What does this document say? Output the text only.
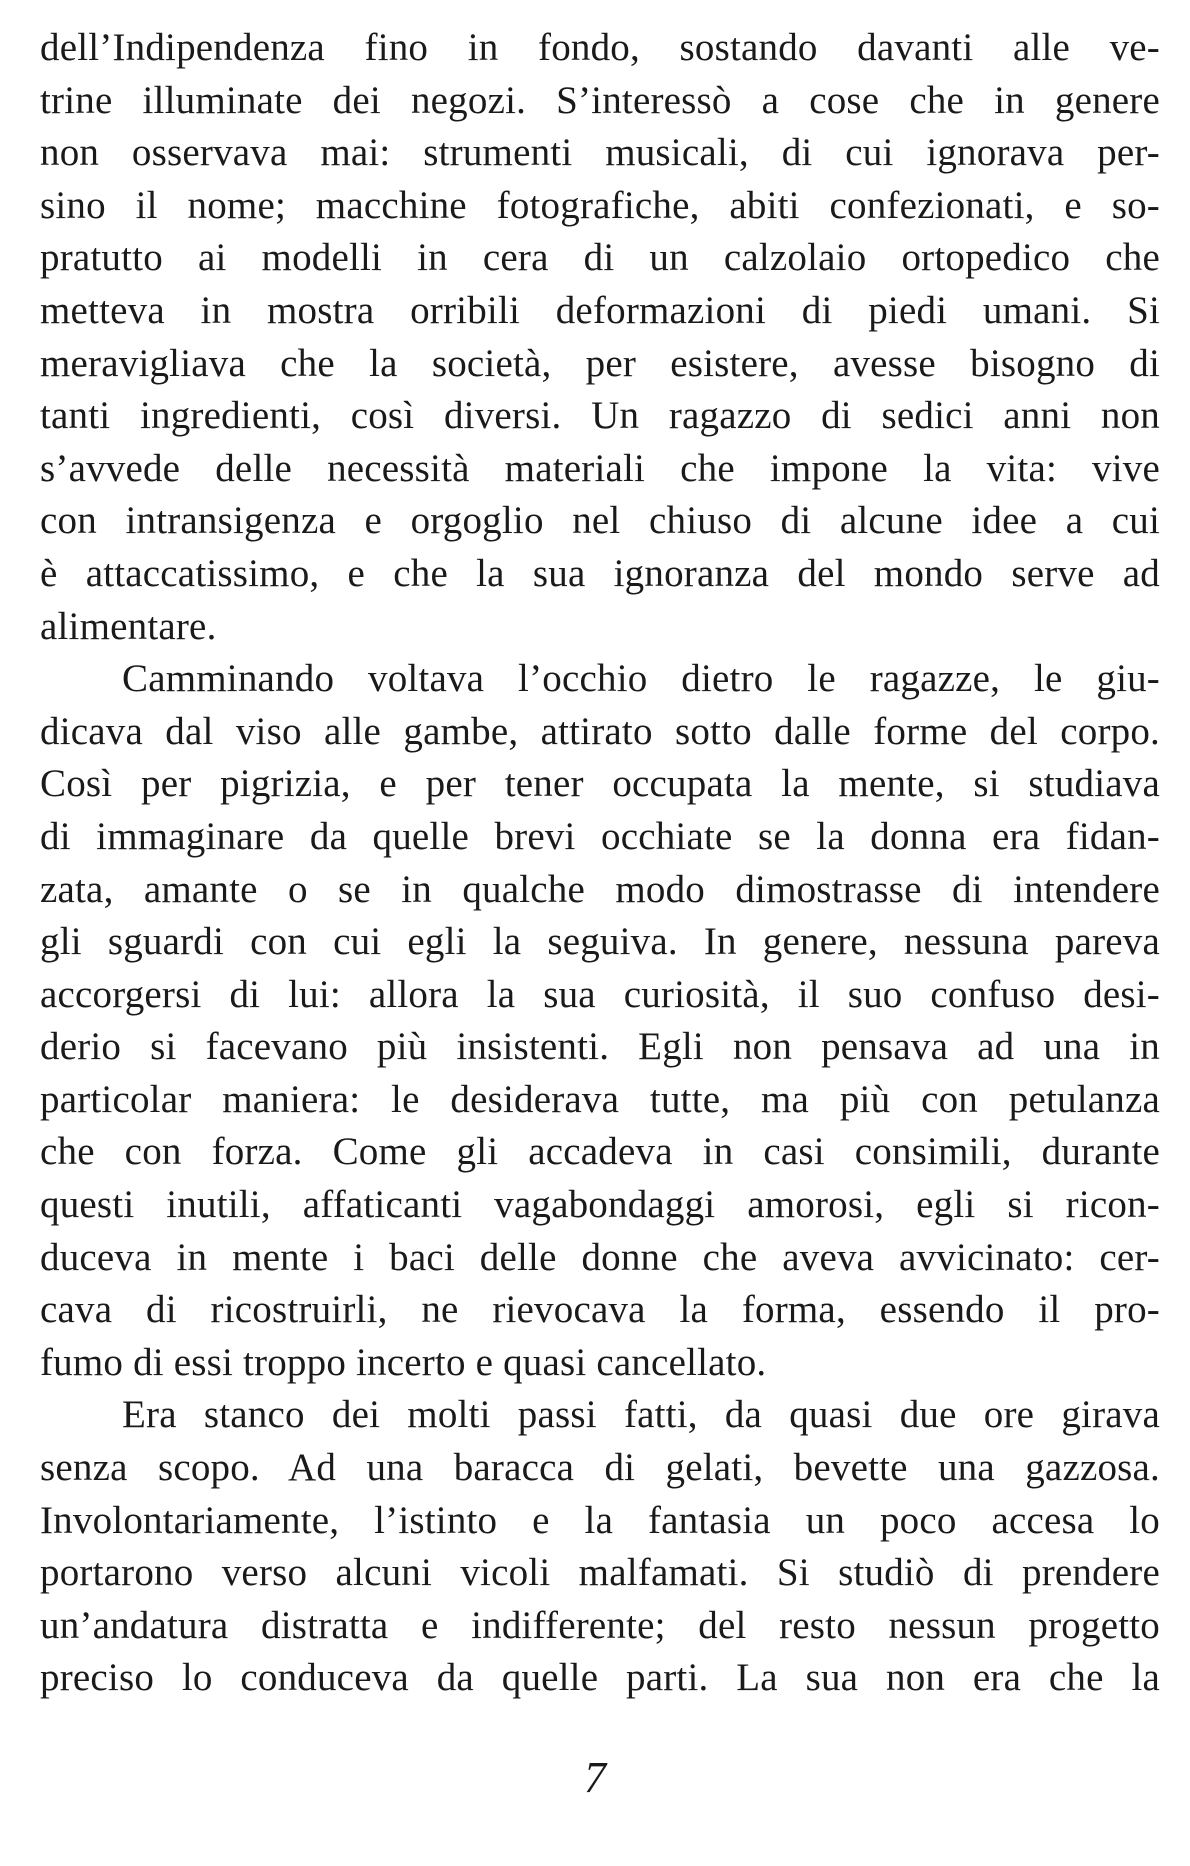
dell’Indipendenza fino in fondo, sostando davanti alle ve-
trine illuminate dei negozi. S’interessò a cose che in genere
non osservava mai: strumenti musicali, di cui ignorava per-
sino il nome; macchine fotografiche, abiti confezionati, e so-
pratutto ai modelli in cera di un calzolaio ortopedico che
metteva in mostra orribili deformazioni di piedi umani. Si
meravigliava che la società, per esistere, avesse bisogno di
tanti ingredienti, così diversi. Un ragazzo di sedici anni non
s’avvede delle necessità materiali che impone la vita: vive
con intransigenza e orgoglio nel chiuso di alcune idee a cui
è attaccatissimo, e che la sua ignoranza del mondo serve ad
alimentare.
Camminando voltava l’occhio dietro le ragazze, le giu-
dicava dal viso alle gambe, attirato sotto dalle forme del corpo.
Così per pigrizia, e per tener occupata la mente, si studiava
di immaginare da quelle brevi occhiate se la donna era fidan-
zata, amante o se in qualche modo dimostrasse di intendere
gli sguardi con cui egli la seguiva. In genere, nessuna pareva
accorgersi di lui: allora la sua curiosità, il suo confuso desi-
derio si facevano più insistenti. Egli non pensava ad una in
particolar maniera: le desiderava tutte, ma più con petulanza
che con forza. Come gli accadeva in casi consimili, durante
questi inutili, affaticanti vagabondaggi amorosi, egli si ricon-
duceva in mente i baci delle donne che aveva avvicinato: cer-
cava di ricostruirli, ne rievocava la forma, essendo il pro-
fumo di essi troppo incerto e quasi cancellato.
Era stanco dei molti passi fatti, da quasi due ore girava
senza scopo. Ad una baracca di gelati, bevette una gazzosa.
Involontariamente, l’istinto e la fantasia un poco accesa lo
portarono verso alcuni vicoli malfamati. Si studiò di prendere
un’andatura distratta e indifferente; del resto nessun progetto
preciso lo conduceva da quelle parti. La sua non era che la
7
